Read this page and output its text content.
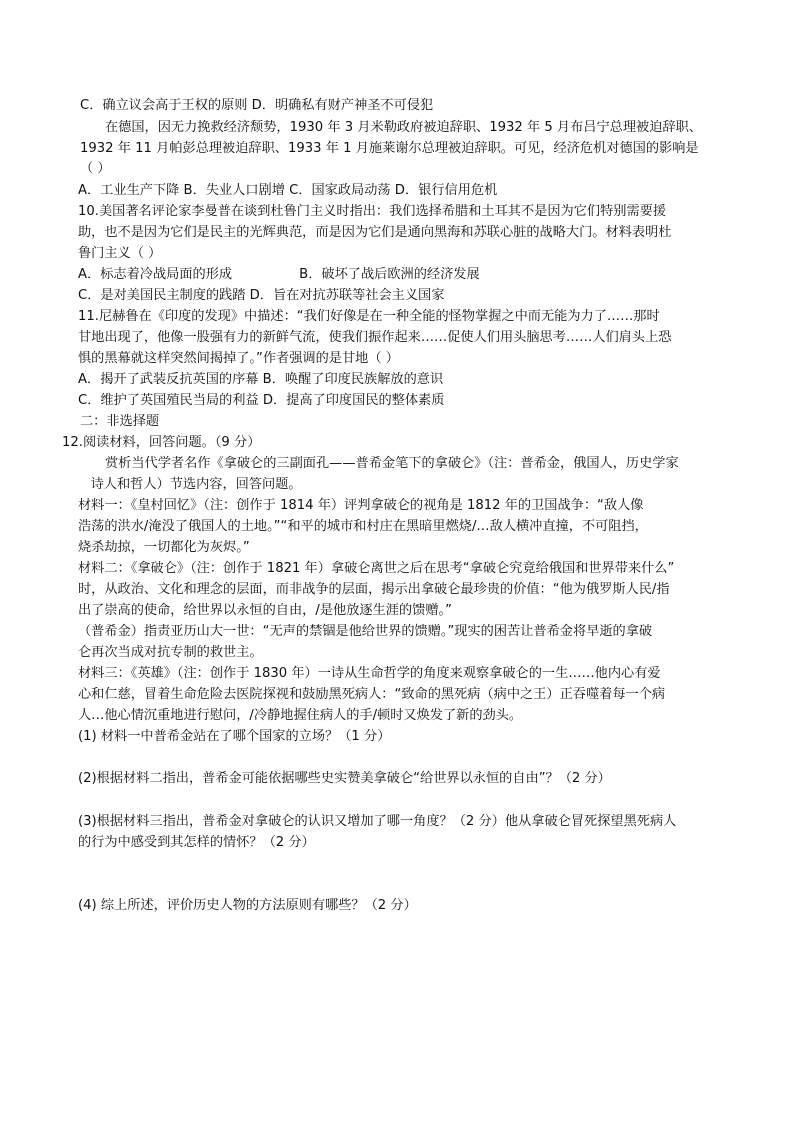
C．确立议会高于王权的原则 D．明确私有财产神圣不可侵犯
在德国，因无力挽救经济颓势，1930 年 3 月米勒政府被迫辞职、1932 年 5 月布吕宁总理被迫辞职、
1932 年 11 月帕彭总理被迫辞职、1933 年 1 月施莱谢尔总理被迫辞职。可见，经济危机对德国的影响是
（ ）
A．工业生产下降 B．失业人口剧增 C．国家政局动荡 D．银行信用危机
10.美国著名评论家李曼普在谈到杜鲁门主义时指出：我们选择希腊和土耳其不是因为它们特别需要援
助，也不是因为它们是民主的光辉典范，而是因为它们是通向黑海和苏联心脏的战略大门。材料表明杜
鲁门主义（ ）
A．标志着冷战局面的形成                B．破坏了战后欧洲的经济发展
C．是对美国民主制度的践踏 D．旨在对抗苏联等社会主义国家
11.尼赫鲁在《印度的发现》中描述：“我们好像是在一种全能的怪物掌握之中而无能为力了……那时
甘地出现了，他像一股强有力的新鲜气流，使我们振作起来……促使人们用头脑思考……人们肩头上恐
惧的黑幕就这样突然间揭掉了。”作者强调的是甘地（ ）
A．揭开了武装反抗英国的序幕 B．唤醒了印度民族解放的意识
C．维护了英国殖民当局的利益 D．提高了印度国民的整体素质
二：非选择题
12.阅读材料，回答问题。（9 分）
赏析当代学者名作《拿破仑的三副面孔——普希金笔下的拿破仑》（注：普希金，俄国人，历史学家
诗人和哲人）节选内容，回答问题。
材料一：《皇村回忆》（注：创作于 1814 年）评判拿破仑的视角是 1812 年的卫国战争：“敌人像
浩荡的洪水/淹没了俄国人的土地。”“和平的城市和村庄在黑暗里燃烧/…敌人横冲直撞，不可阻挡，
烧杀劫掠，一切都化为灰烬。”
材料二：《拿破仑》（注：创作于 1821 年）拿破仑离世之后在思考“拿破仑究竟给俄国和世界带来什么”
时，从政治、文化和理念的层面，而非战争的层面，揭示出拿破仑最珍贵的价值：“他为俄罗斯人民/指
出了崇高的使命，给世界以永恒的自由，/是他放逐生涯的馈赠。”
（普希金）指责亚历山大一世：“无声的禁锢是他给世界的馈赠。”现实的困苦让普希金将早逝的拿破
仑再次当成对抗专制的救世主。
材料三：《英雄》（注：创作于 1830 年）一诗从生命哲学的角度来观察拿破仑的一生……他内心有爱
心和仁慈，冒着生命危险去医院探视和鼓励黑死病人：“致命的黑死病（病中之王）正吞噬着每一个病
人…他心情沉重地进行慰问，/冷静地握住病人的手/顿时又焕发了新的劲头。
(1) 材料一中普希金站在了哪个国家的立场？（1 分）
(2)根据材料二指出，普希金可能依据哪些史实赞美拿破仑“给世界以永恒的自由”？（2 分）
(3)根据材料三指出，普希金对拿破仑的认识又增加了哪一角度？（2 分）他从拿破仑冒死探望黑死病人
的行为中感受到其怎样的情怀？（2 分）
(4) 综上所述，评价历史人物的方法原则有哪些？（2 分）
